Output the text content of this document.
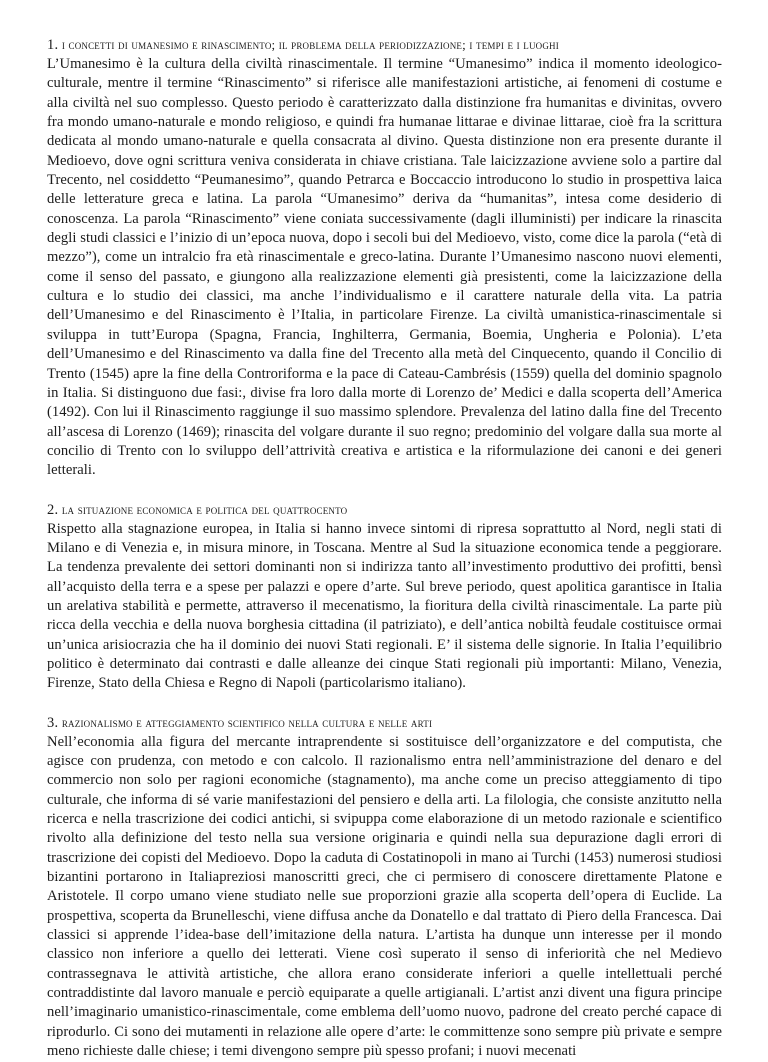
1. i concetti di umanesimo e rinascimento; il problema della periodizzazione; i tempi e i luoghi

L’Umanesimo è la cultura della civiltà rinascimentale. Il termine “Umanesimo” indica il momento ideologico-culturale, mentre il termine “Rinascimento” si riferisce alle manifestazioni artistiche, ai fenomeni di costume e alla civiltà nel suo complesso. Questo periodo è caratterizzato dalla distinzione fra humanitas e divinitas, ovvero fra mondo umano-naturale e mondo religioso, e quindi fra humanae littarae e divinae littarae, cioè fra la scrittura dedicata al mondo umano-naturale e quella consacrata al divino. Questa distinzione non era presente durante il Medioevo, dove ogni scrittura veniva considerata in chiave cristiana. Tale laicizzazione avviene solo a partire dal Trecento, nel cosiddetto “Peumanesimo”, quando Petrarca e Boccaccio introducono lo studio in prospettiva laica delle letterature greca e latina. La parola “Umanesimo” deriva da “humanitas”, intesa come desiderio di conoscenza. La parola “Rinascimento” viene coniata successivamente (dagli illuministi) per indicare la rinascita degli studi classici e l’inizio di un’epoca nuova, dopo i secoli bui del Medioevo, visto, come dice la parola (“età di mezzo”), come un intralcio fra età rinascimentale e greco-latina. Durante l’Umanesimo nascono nuovi elementi, come il senso del passato, e giungono alla realizzazione elementi già presistenti, come la laicizzazione della cultura e lo studio dei classici, ma anche l’individualismo e il carattere naturale della vita. La patria dell’Umanesimo e del Rinascimento è l’Italia, in particolare Firenze. La civiltà umanistica-rinascimentale si sviluppa in tutt’Europa (Spagna, Francia, Inghilterra, Germania, Boemia, Ungheria e Polonia). L’eta dell’Umanesimo e del Rinascimento va dalla fine del Trecento alla metà del Cinquecento, quando il Concilio di Trento (1545) apre la fine della Controriforma e la pace di Cateau-Cambrésis (1559) quella del dominio spagnolo in Italia. Si distinguono due fasi:, divise fra loro dalla morte di Lorenzo de’ Medici e dalla scoperta dell’America (1492). Con lui il Rinascimento raggiunge il suo massimo splendore. Prevalenza del latino dalla fine del Trecento all’ascesa di Lorenzo (1469); rinascita del volgare durante il suo regno; predominio del volgare dalla sua morte al concilio di Trento con lo sviluppo dell’attrività creativa e artistica e la riformulazione dei canoni e dei generi letterali.

2. la situazione economica e politica del quattrocento

Rispetto alla stagnazione europea, in Italia si hanno invece sintomi di ripresa soprattutto al Nord, negli stati di Milano e di Venezia e, in misura minore, in Toscana. Mentre al Sud la situazione economica tende a peggiorare. La tendenza prevalente dei settori dominanti non si indirizza tanto all’investimento produttivo dei profitti, bensì all’acquisto della terra e a spese per palazzi e opere d’arte. Sul breve periodo, quest apolitica garantisce in Italia un arelativa stabilità e permette, attraverso il mecenatismo, la fioritura della civiltà rinascimentale. La parte più ricca della vecchia e della nuova borghesia cittadina (il patriziato), e dell’antica nobiltà feudale costituisce ormai un’unica arisiocrazia che ha il dominio dei nuovi Stati regionali. E’ il sistema delle signorie. In Italia l’equilibrio politico è determinato dai contrasti e dalle alleanze dei cinque Stati regionali più importanti: Milano, Venezia, Firenze, Stato della Chiesa e Regno di Napoli (particolarismo italiano).

3. razionalismo e atteggiamento scientifico nella cultura e nelle arti

Nell’economia alla figura del mercante intraprendente si sostituisce dell’organizzatore e del computista, che agisce con prudenza, con metodo e con calcolo. Il razionalismo entra nell’amministrazione del denaro e del commercio non solo per ragioni economiche (stagnamento), ma anche come un preciso atteggiamento di tipo culturale, che informa di sé varie manifestazioni del pensiero e della arti. La filologia, che consiste anzitutto nella ricerca e nella trascrizione dei codici antichi, si svipuppa come elaborazione di un metodo razionale e scientifico rivolto alla definizione del testo nella sua versione originaria e quindi nella sua depurazione dagli errori di trascrizione dei copisti del Medioevo. Dopo la caduta di Costatinopoli in mano ai Turchi (1453) numerosi studiosi bizantini portarono in Italiapreziosi manoscritti greci, che ci permisero di conoscere direttamente Platone e Aristotele. Il corpo umano viene studiato nelle sue proporzioni grazie alla scoperta dell’opera di Euclide. La prospettiva, scoperta da Brunelleschi, viene diffusa anche da Donatello e dal trattato di Piero della Francesca. Dai classici si apprende l’idea-base dell’imitazione della natura. L’artista ha dunque unn interesse per il mondo classico non inferiore a quello dei letterati. Viene così superato il senso di inferiorità che nel Medievo contrassegnava le attività artistiche, che allora erano considerate inferiori a quelle intellettuali perché contraddistinte dal lavoro manuale e perciò equiparate a quelle artigianali. L’artist anzi divent una figura principe nell’imaginario umanistico-rinascimentale, come emblema dell’uomo nuovo, padrone del creato perché capace di riprodurlo. Ci sono dei mutamenti in relazione alle opere d’arte: le committenze sono sempre più private e sempre meno richieste dalle chiese; i temi divengono sempre più spesso profani; i nuovi mecenati
